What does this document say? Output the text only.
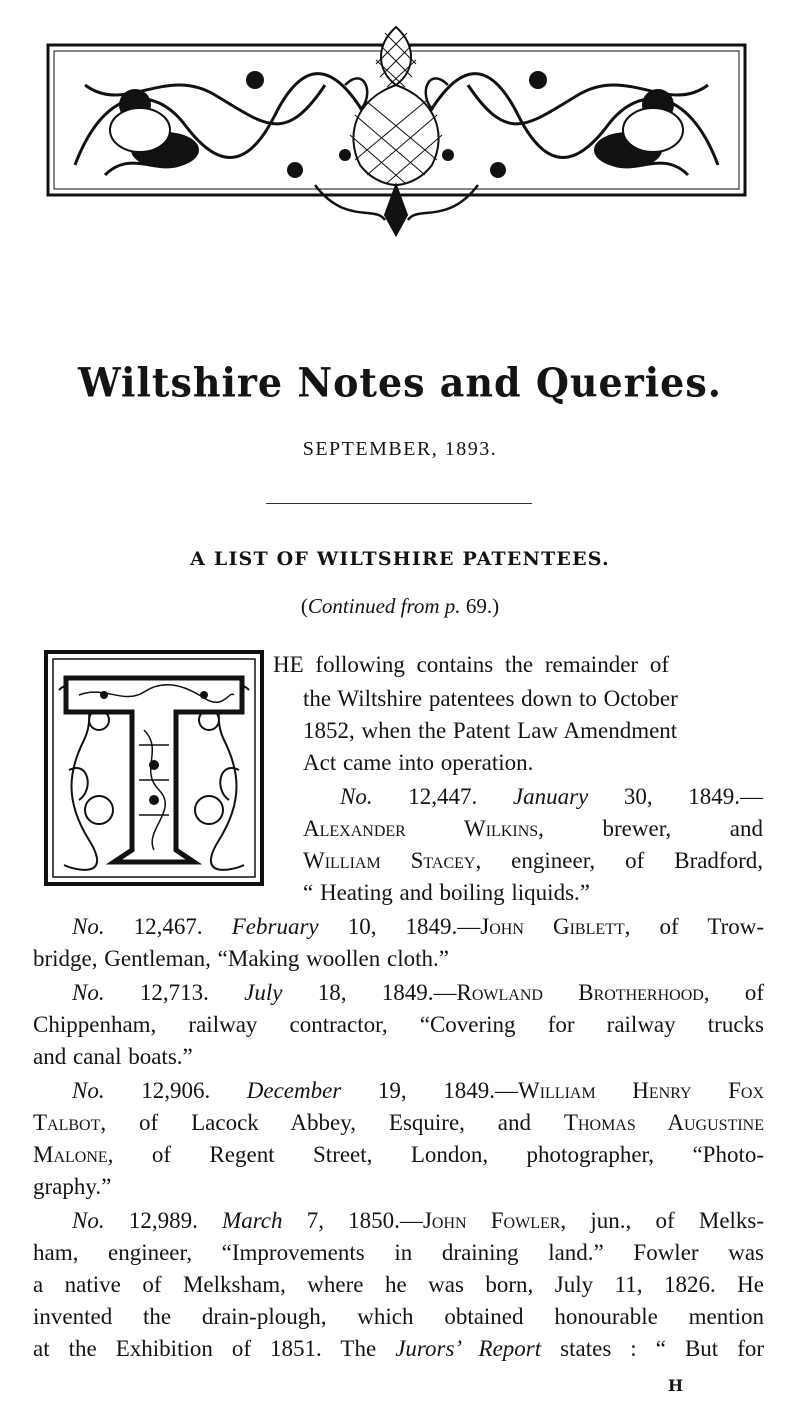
Wiltshire Notes and Queries.
SEPTEMBER, 1893.
A LIST OF WILTSHIRE PATENTEES.
(Continued from p. 69.)
HE following contains the remainder of
the Wiltshire patentees down to October
1852, when the Patent Law Amendment
Act came into operation.
No. 12,447. January 30, 1849.—
Alexander Wilkins, brewer, and
William Stacey, engineer, of Bradford,
“ Heating and boiling liquids.”
No. 12,467. February 10, 1849.—John Giblett, of Trow-
bridge, Gentleman, “Making woollen cloth.”
No. 12,713. July 18, 1849.—Rowland Brotherhood, of
Chippenham, railway contractor, “Covering for railway trucks
and canal boats.”
No. 12,906. December 19, 1849.—William Henry Fox
Talbot, of Lacock Abbey, Esquire, and Thomas Augustine
Malone, of Regent Street, London, photographer, “Photo-
graphy.”
No. 12,989. March 7, 1850.—John Fowler, jun., of Melks-
ham, engineer, “Improvements in draining land.” Fowler was
a native of Melksham, where he was born, July 11, 1826. He
invented the drain-plough, which obtained honourable mention
at the Exhibition of 1851. The Jurors’ Report states : “ But for
H
